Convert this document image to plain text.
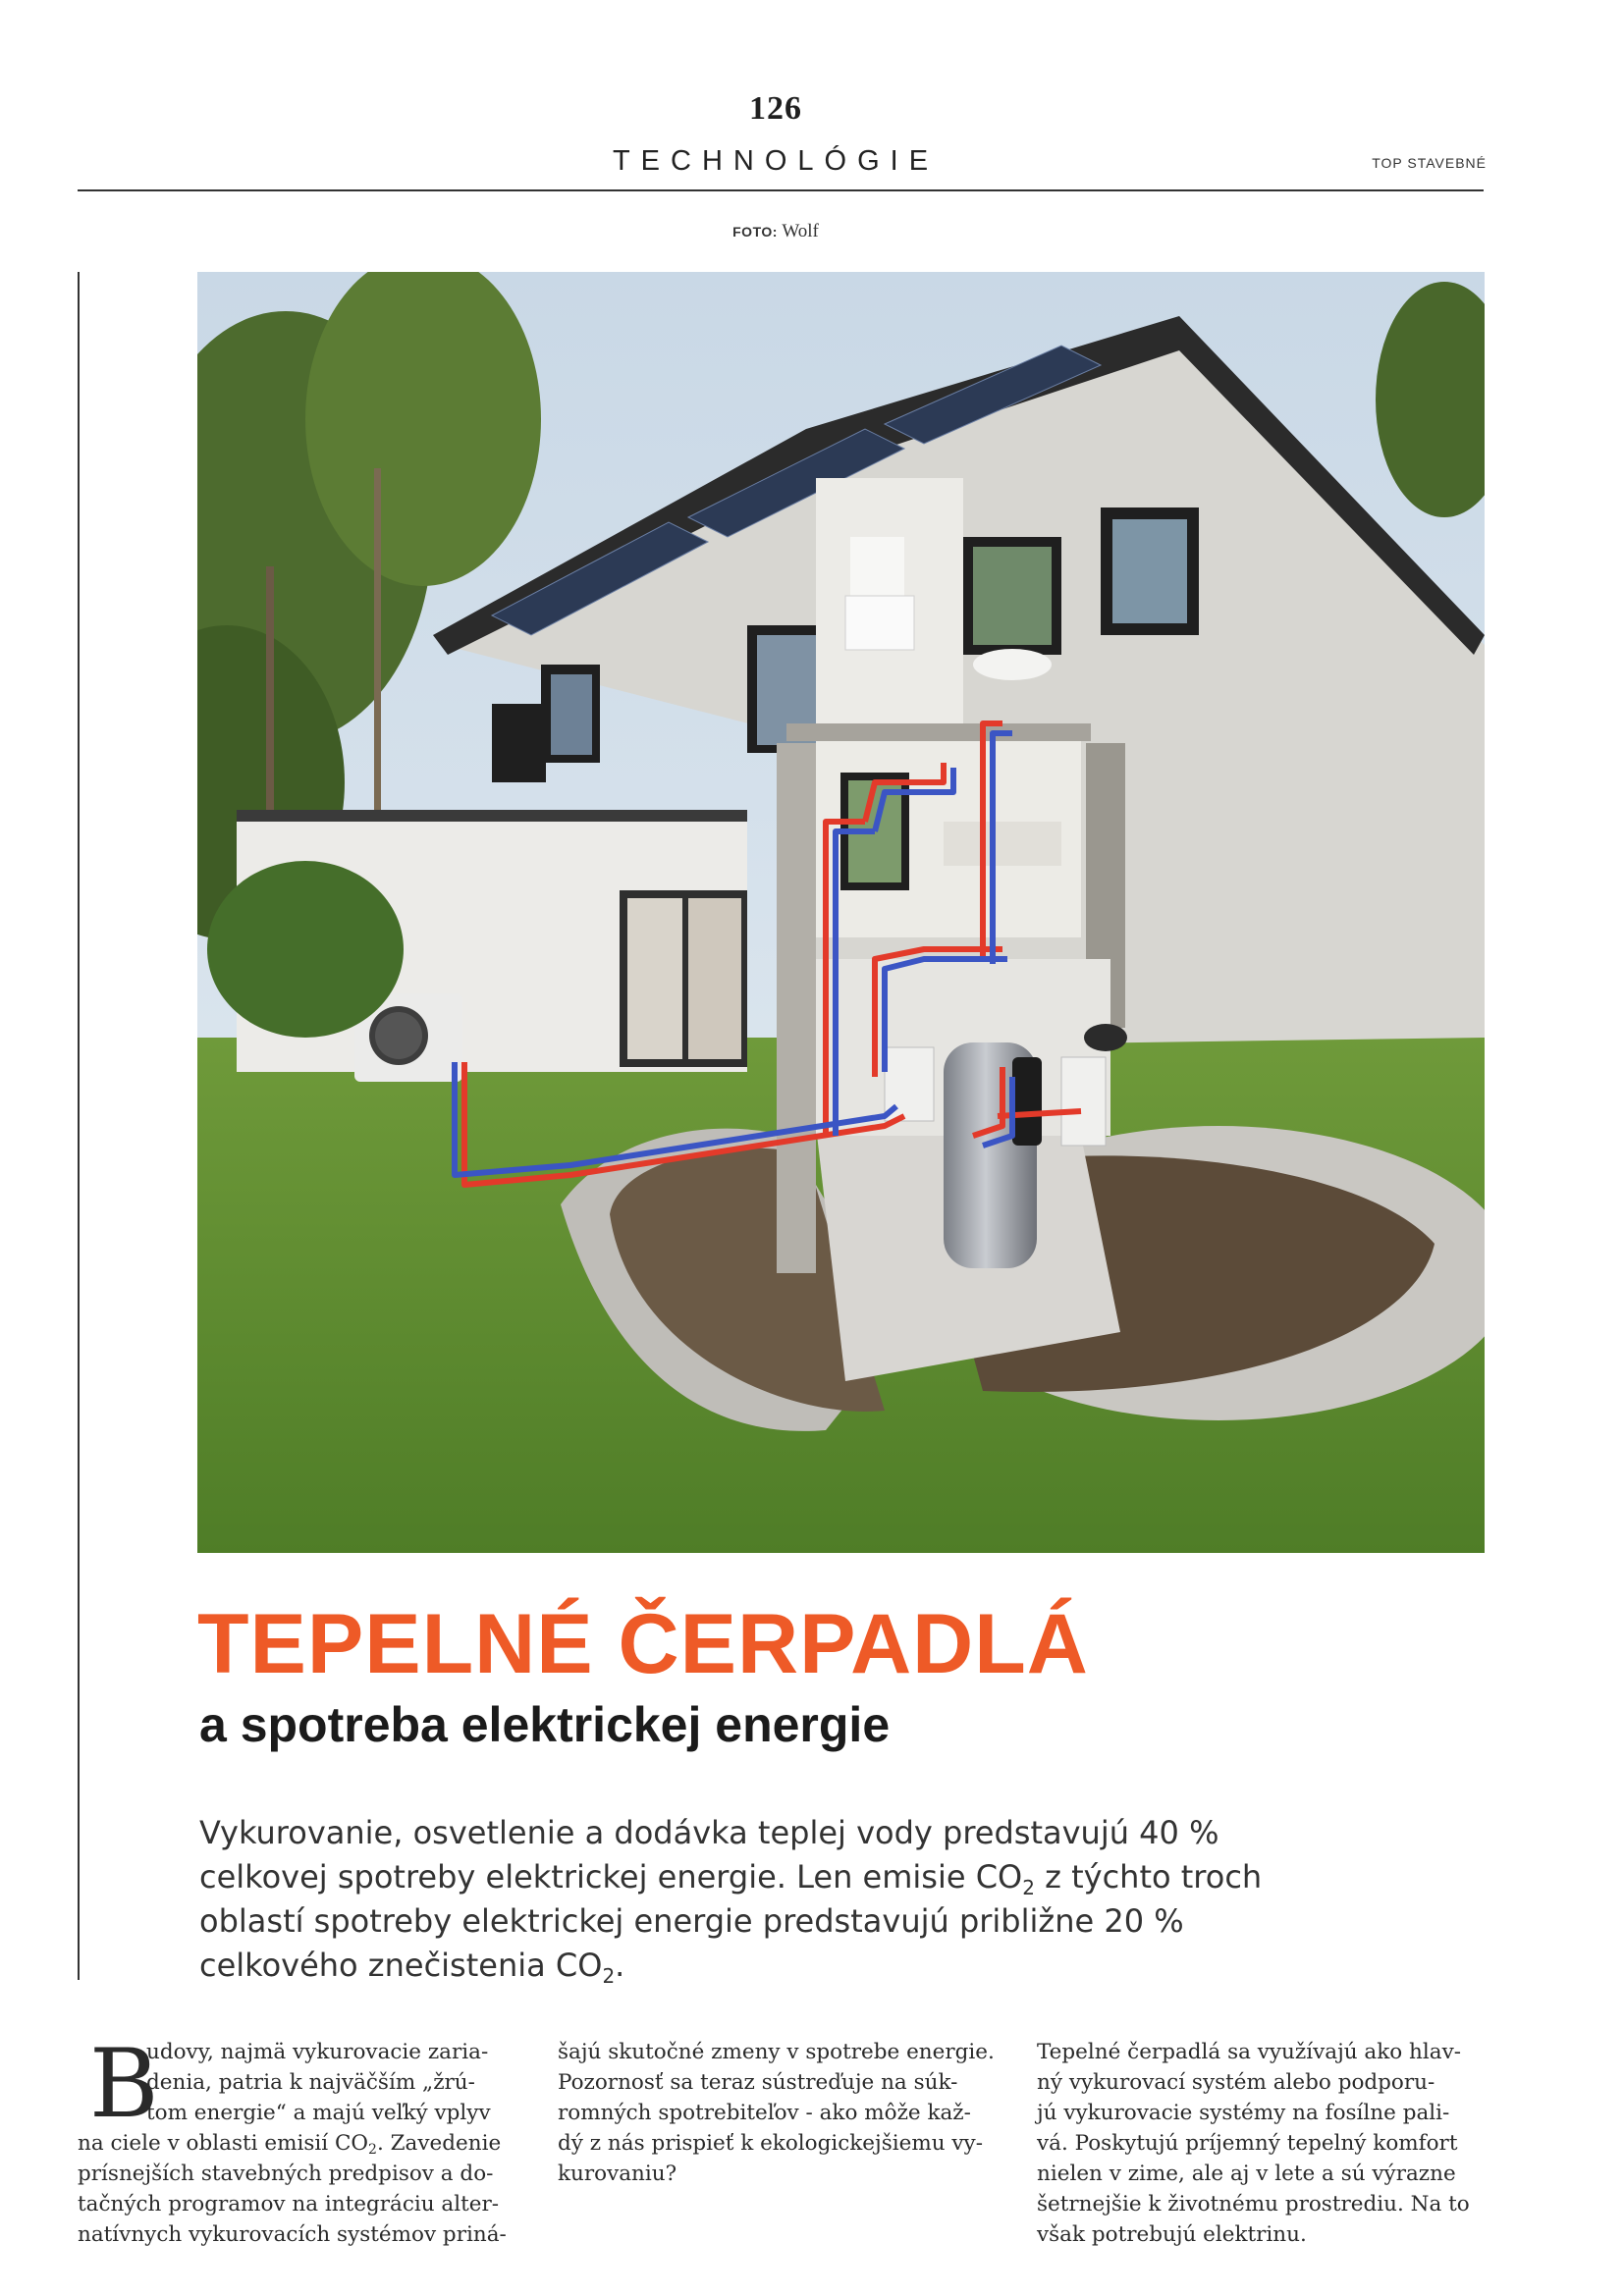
126
TECHNOLÓGIE	TOP STAVEBNÉ
FOTO: Wolf
TEPELNÉ ČERPADLÁ
a spotreba elektrickej energie
Vykurovanie, osvetlenie a dodávka teplej vody predstavujú 40 %
celkovej spotreby elektrickej energie. Len emisie $CO_2$ z týchto troch
oblastí spotreby elektrickej energie predstavujú približne 20 %
celkového znečistenia $CO_2$.
B
udovy, najmä vykurovacie zaria-
denia, patria k najväčším „žrú-
tom energie“ a majú veľký vplyv
na ciele v oblasti emisií $CO_2$. Zavedenie
prísnejších stavebných predpisov a do-
tačných programov na integráciu alter-
natívnych vykurovacích systémov priná-
šajú skutočné zmeny v spotrebe energie.
Pozornosť sa teraz sústreďuje na súk-
romných spotrebiteľov - ako môže kaž-
dý z nás prispieť k ekologickejšiemu vy-
kurovaniu?
Tepelné čerpadlá sa využívajú ako hlav-
ný vykurovací systém alebo podporu-
jú vykurovacie systémy na fosílne pali-
vá. Poskytujú príjemný tepelný komfort
nielen v zime, ale aj v lete a sú výrazne
šetrnejšie k životnému prostrediu. Na to
však potrebujú elektrinu.
